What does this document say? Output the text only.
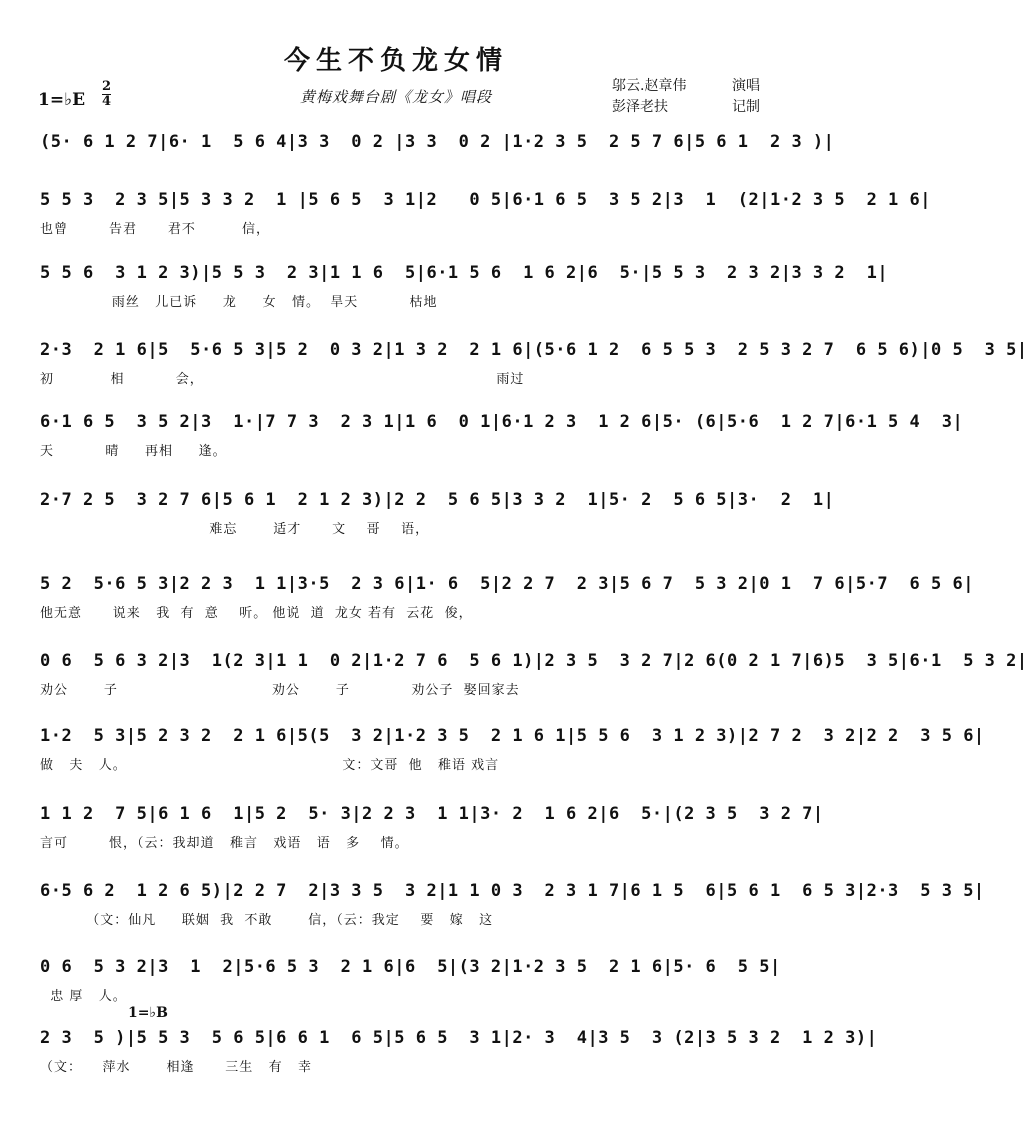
今生不负龙女情
黄梅戏舞台剧《龙女》唱段
1=♭E
2
4
邬云.赵章伟	演唱
彭泽老扶	记制
(5· 6 1 2 7|6· 1  5 6 4|3 3  0 2 |3 3  0 2 |1·2 3 5  2 5 7 6|5 6 1  2 3 )|
5 5 3  2 3 5|5 3 3 2  1 |5 6 5  3 1|2   0 5|6·1 6 5  3 5 2|3  1  (2|1·2 3 5  2 1 6|
也曾        告君      君不         信，
5 5 6  3 1 2 3)|5 5 3  2 3|1 1 6  5|6·1 5 6  1 6 2|6  5·|5 5 3  2 3 2|3 3 2  1|
雨丝   儿已诉     龙     女   情。  旱天          枯地
2·3  2 1 6|5  5·6 5 3|5 2  0 3 2|1 3 2  2 1 6|(5·6 1 2  6 5 5 3  2 5 3 2 7  6 5 6)|0 5  3 5|
初           相          会，                                                         雨过
6·1 6 5  3 5 2|3  1·|7 7 3  2 3 1|1 6  0 1|6·1 2 3  1 2 6|5· (6|5·6  1 2 7|6·1 5 4  3|
天          晴     再相     逢。
2·7 2 5  3 2 7 6|5 6 1  2 1 2 3)|2 2  5 6 5|3 3 2  1|5· 2  5 6 5|3·  2  1|
难忘       适才      文    哥    语，
5 2  5·6 5 3|2 2 3  1 1|3·5  2 3 6|1· 6  5|2 2 7  2 3|5 6 7  5 3 2|0 1  7 6|5·7  6 5 6|
他无意      说来   我  有  意    听。 他说  道  龙女 若有  云花  俊，
0 6  5 6 3 2|3  1(2 3|1 1  0 2|1·2 7 6  5 6 1)|2 3 5  3 2 7|2 6(0 2 1 7|6)5  3 5|6·1  5 3 2|
劝公       子                              劝公       子            劝公子  娶回家去
1·2  5 3|5 2 3 2  2 1 6|5(5  3 2|1·2 3 5  2 1 6 1|5 5 6  3 1 2 3)|2 7 2  3 2|2 2  3 5 6|
做   夫   人。                                          文：文哥  他   稚语 戏言
1 1 2  7 5|6 1 6  1|5 2  5· 3|2 2 3  1 1|3· 2  1 6 2|6  5·|(2 3 5  3 2 7|
言可        恨，（云：我却道   稚言   戏语   语   多    情。
6·5 6 2  1 2 6 5)|2 2 7  2|3 3 5  3 2|1 1 0 3  2 3 1 7|6 1 5  6|5 6 1  6 5 3|2·3  5 3 5|
（文：仙凡     联姻  我  不敢       信，（云：我定    要   嫁   这
0 6  5 3 2|3  1  2|5·6 5 3  2 1 6|6  5|(3 2|1·2 3 5  2 1 6|5· 6  5 5|
忠 厚   人。
1=♭B
2 3  5 )|5 5 3  5 6 5|6 6 1  6 5|5 6 5  3 1|2· 3  4|3 5  3 (2|3 5 3 2  1 2 3)|
（文：    萍水       相逢      三生   有   幸
